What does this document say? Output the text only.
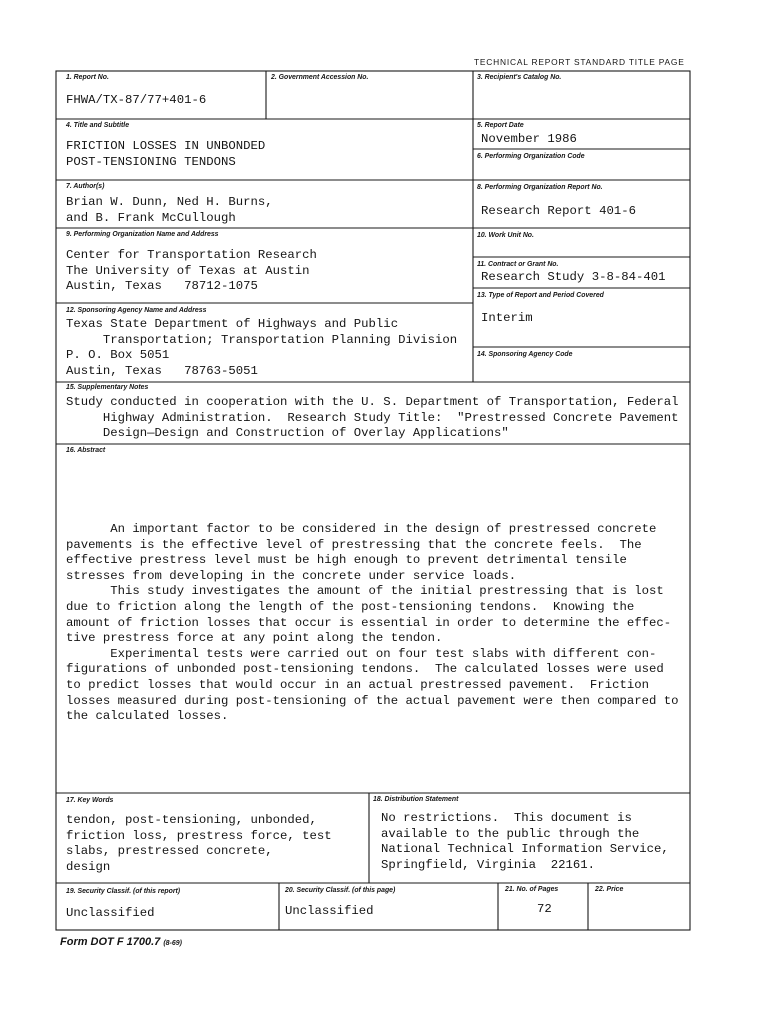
TECHNICAL REPORT STANDARD TITLE PAGE
1. Report No.
FHWA/TX-87/77+401-6
2. Government Accession No.	3. Recipient's Catalog No.
4. Title and Subtitle
FRICTION LOSSES IN UNBONDED
POST-TENSIONING TENDONS
5. Report Date
November 1986
6. Performing Organization Code
7. Author(s)
Brian W. Dunn, Ned H. Burns,
and B. Frank McCullough
8. Performing Organization Report No.
Research Report 401-6
9. Performing Organization Name and Address
Center for Transportation Research
The University of Texas at Austin
Austin, Texas   78712-1075
10. Work Unit No.
11. Contract or Grant No.
Research Study 3-8-84-401
13. Type of Report and Period Covered
Interim
12. Sponsoring Agency Name and Address
Texas State Department of Highways and Public
Transportation; Transportation Planning Division
P. O. Box 5051
Austin, Texas   78763-5051
14. Sponsoring Agency Code
15. Supplementary Notes
Study conducted in cooperation with the U. S. Department of Transportation, Federal
Highway Administration.  Research Study Title:  "Prestressed Concrete Pavement
Design—Design and Construction of Overlay Applications"
16. Abstract
An important factor to be considered in the design of prestressed concrete
pavements is the effective level of prestressing that the concrete feels.  The
effective prestress level must be high enough to prevent detrimental tensile
stresses from developing in the concrete under service loads.
This study investigates the amount of the initial prestressing that is lost
due to friction along the length of the post-tensioning tendons.  Knowing the
amount of friction losses that occur is essential in order to determine the effec-
tive prestress force at any point along the tendon.
Experimental tests were carried out on four test slabs with different con-
figurations of unbonded post-tensioning tendons.  The calculated losses were used
to predict losses that would occur in an actual prestressed pavement.  Friction
losses measured during post-tensioning of the actual pavement were then compared to
the calculated losses.
17. Key Words
tendon, post-tensioning, unbonded,
friction loss, prestress force, test
slabs, prestressed concrete,
design
18. Distribution Statement
No restrictions.  This document is
available to the public through the
National Technical Information Service,
Springfield, Virginia  22161.
19. Security Classif. (of this report)
Unclassified
20. Security Classif. (of this page)
Unclassified
21. No. of Pages
72
22. Price
Form DOT F 1700.7 (8-69)
